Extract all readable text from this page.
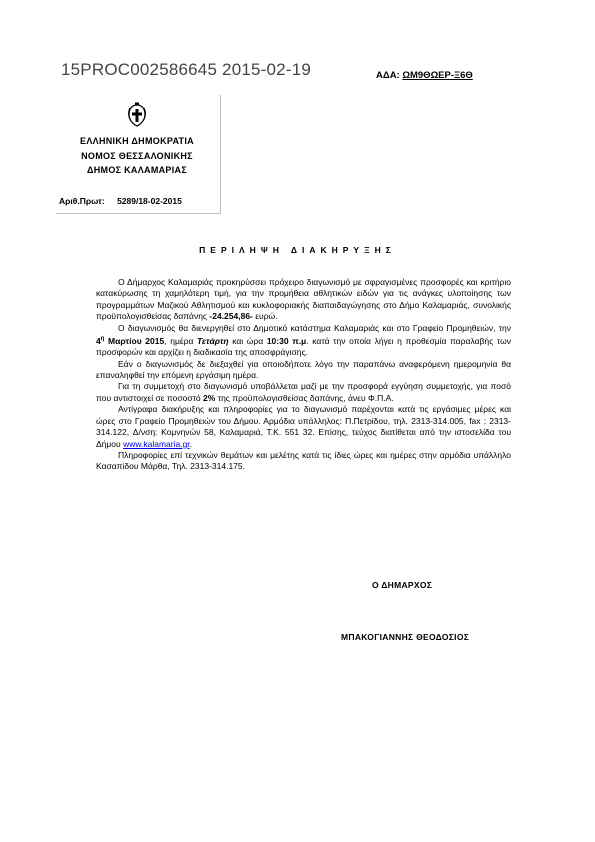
15PROC002586645 2015-02-19	ΑΔΑ: ΩΜ9ΘΩΕΡ-Ξ6Θ
ΕΛΛΗΝΙΚΗ ΔΗΜΟΚΡΑΤΙΑ
ΝΟΜΟΣ ΘΕΣΣΑΛΟΝΙΚΗΣ
ΔΗΜΟΣ ΚΑΛΑΜΑΡΙΑΣ
Αριθ.Πρωτ: 5289/18-02-2015
ΠΕΡΙΛΗΨΗ ΔΙΑΚΗΡΥΞΗΣ

Ο Δήμαρχος Καλαμαριάς προκηρύσσει πρόχειρο διαγωνισμό με σφραγισμένες προσφορές και κριτήριο κατακύρωσης τη χαμηλότερη τιμή, για την προμήθεια αθλητικών ειδών για τις ανάγκες υλοποίησης των προγραμμάτων Μαζικού Αθλητισμού και κυκλοφοριακής διαπαιδαγώγησης στο Δήμο Καλαμαριάς, συνολικής προϋπολογισθείσας δαπάνης -24.254,86- ευρώ.

Ο διαγωνισμός θα διενεργηθεί στο Δημοτικό κατάστημα Καλαμαριάς και στο Γραφείο Προμηθειών, την $4^\eta$ Μαρτίου 2015, ημέρα Τετάρτη και ώρα 10:30 π.μ. κατά την οποία λήγει η προθεσμία παραλαβής των προσφορών και αρχίζει η διαδικασία της αποσφράγισης.

Εάν ο διαγωνισμός δε διεξαχθεί για οποιοδήποτε λόγο την παραπάνω αναφερόμενη ημερομηνία θα επαναληφθεί την επόμενη εργάσιμη ημέρα.

Για τη συμμετοχή στο διαγωνισμό υποβάλλεται μαζί με την προσφορά εγγύηση συμμετοχής, για ποσό που αντιστοιχεί σε ποσοστό 2% της προϋπολογισθείσας δαπάνης, άνευ Φ.Π.Α.

Αντίγραφα διακήρυξης και πληροφορίες για το διαγωνισμό παρέχονται κατά τις εργάσιμες μέρες και ώρες στο Γραφείο Προμηθειών του Δήμου. Αρμόδια υπάλληλος: Π.Πετρίδου, τηλ. 2313-314.005, fax : 2313-314.122, Δ/νση: Κομνηνών 58, Καλαμαριά, Τ.Κ. 551 32. Επίσης, τεύχος διατίθεται από την ιστοσελίδα του Δήμου www.kalamaria.gr.

Πληροφορίες επί τεχνικών θεμάτων και μελέτης κατά τις ίδιες ώρες και ημέρες στην αρμόδια υπάλληλο Κασαπίδου Μάρθα, Τηλ. 2313-314.175.

Ο ΔΗΜΑΡΧΟΣ
ΜΠΑΚΟΓΙΑΝΝΗΣ ΘΕΟΔΟΣΙΟΣ
